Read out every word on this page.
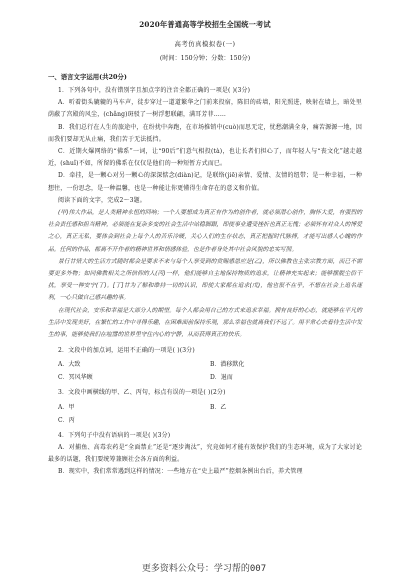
2020年普通高等学校招生全国统一考试
高考仿真模拟卷(一)
(时间：150分钟；分数：150分)
一、语言文字运用(共20分)

1．下列各句中，没有错别字且加点字的注音全都正确的一项是( )(3分)

A．听着街头辘辘的马车声，徒步穿过一道道繁华之门前来投宿，陈旧的砖墙，阳光照进，映射在墙上，暗处里荫蔽了宫殿的风尘，(chǎng)斑驳了一树浮想联翩，满耳芳菲……

B．我们总行在人生的旅途中，在纷扰中奔跑，在市场推销中(cuò)而思无定，忧愁潮满全身，痛苦源源一地，因而我们要却无从止痛，我们苦于无法抵挡。

C．近期火爆网络的“佛系”一词，让“90后”们意气相投(tà)，也让长者们担心了，而年轻人与“丧文化”越走越近，(shuǐ)不如，所留的佛系在仅仅是他们的一种短暂方式而已。

D．牵挂，是一颗心对另一颗心的深深惦念(diàn)记，是联络(jiē)亲情、爱情、友情的纽带；是一种幸福，一种想往，一份思念，是一种温馨，也是一种能让你更懂得生命存在的意义和价值。

阅读下面的文字，完成2～3题。

(甲)伟大作品，是人类精神永恒的回响；一个人要想成为真正有作为的创作者，就必须潜心创作，胸怀大爱，有强烈的社会责任感和担当精神，必须能在复杂多变的社会生活中站稳脚跟，即使事业遭受挫折也真正无愧；必须怀有对众人的博爱之心，真正无私，要体会到社会上每个人的苦乐冷暖，关心人们的生存状态，真正把握时代脉搏，才能写出感人心魄的作品。任何的作品，都离不开作者的精神世界和情感体验，也是作者身处其中社会风貌的忠实写照。

景行甘情大的生活方式随时都会是要求不来与每个人享受到的赏赐感恩应是(乙)，所以佛教也主张宗教方面，而已不需要更多外物；如同佛教相关之所信仰的人(丙)一样，他们能够自主地保持物质的追求，让精神充实起来；能够摆脱尘俗干扰，享受一种安宁(丁)。[丁]甘为了解和维持一切的认识，即使大家都在追求(戊)，他也很不在乎，不想在社会上追名逐利，一心只做自己感兴趣的事。

在现代社会，安乐和幸福是大部分人的期望。每个人都会用自己的方式来追求幸福。拥有良好的心态，就能够在平凡的生活中发现美好，在繁忙的工作中寻得乐趣，在困难面前保持乐观，那么幸福也就离我们不远了。用平常心去看待生活中发生的事，能够使我们在喧嚣的世界里守住内心的宁静，从而获得真正的快乐。

2．文段中的加点词，运用不正确的一项是( )(3分)

A．大致	B．潜移默化
C．冥风华顾	D．退而

3．文段中画横线的甲、乙、丙句，标点有误的一项是( )(2分)

A．甲	B．乙
C．丙

4．下列句子中没有语病的一项是( )(3分)

A．对捕鱼、高毒农药是“全面禁止”还是“逐步淘汰”，究竟如何才能有效保护我们的生态环境，成为了大家讨论最多的话题，我们要统筹兼顾社会各方面的利益。

B．现实中，我们常常遇到这样的情况：一些地方在“史上最严”控烟条例出台后，养犬管理

更多资料公众号：学习帮的007
